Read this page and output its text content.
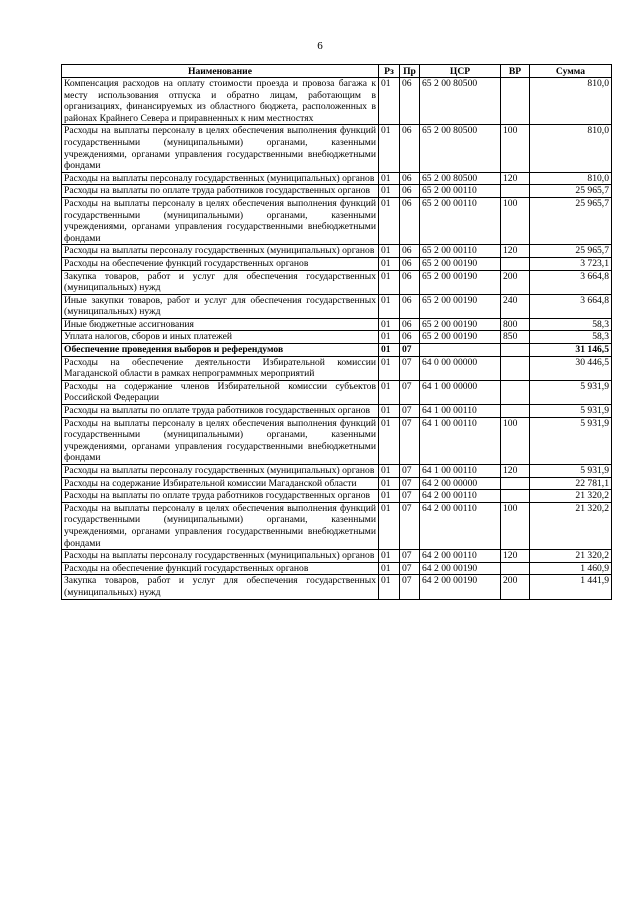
6
Наименование	Рз	Пр	ЦСР	ВР	Сумма
Компенсация расходов на оплату стоимости проезда и провоза багажа к месту использования отпуска и обратно лицам, работающим в организациях, финансируемых из областного бюджета, расположенных в районах Крайнего Севера и приравненных к ним местностях	01	06	65 2 00 80500		810,0
Расходы на выплаты персоналу в целях обеспечения выполнения функций государственными (муниципальными) органами, казенными учреждениями, органами управления государственными внебюджетными фондами	01	06	65 2 00 80500	100	810,0
Расходы на выплаты персоналу государственных (муниципальных) органов	01	06	65 2 00 80500	120	810,0
Расходы на выплаты по оплате труда работников государственных органов	01	06	65 2 00 00110		25 965,7
Расходы на выплаты персоналу в целях обеспечения выполнения функций государственными (муниципальными) органами, казенными учреждениями, органами управления государственными внебюджетными фондами	01	06	65 2 00 00110	100	25 965,7
Расходы на выплаты персоналу государственных (муниципальных) органов	01	06	65 2 00 00110	120	25 965,7
Расходы на обеспечение функций государственных органов	01	06	65 2 00 00190		3 723,1
Закупка товаров, работ и услуг для обеспечения государственных (муниципальных) нужд	01	06	65 2 00 00190	200	3 664,8
Иные закупки товаров, работ и услуг для обеспечения государственных (муниципальных) нужд	01	06	65 2 00 00190	240	3 664,8
Иные бюджетные ассигнования	01	06	65 2 00 00190	800	58,3
Уплата налогов, сборов и иных платежей	01	06	65 2 00 00190	850	58,3
Обеспечение проведения выборов и референдумов	01	07			31 146,5
Расходы на обеспечение деятельности Избирательной комиссии Магаданской области в рамках непрограммных мероприятий	01	07	64 0 00 00000		30 446,5
Расходы на содержание членов Избирательной комиссии субъектов Российской Федерации	01	07	64 1 00 00000		5 931,9
Расходы на выплаты по оплате труда работников государственных органов	01	07	64 1 00 00110		5 931,9
Расходы на выплаты персоналу в целях обеспечения выполнения функций государственными (муниципальными) органами, казенными учреждениями, органами управления государственными внебюджетными фондами	01	07	64 1 00 00110	100	5 931,9
Расходы на выплаты персоналу государственных (муниципальных) органов	01	07	64 1 00 00110	120	5 931,9
Расходы на содержание Избирательной комиссии Магаданской области	01	07	64 2 00 00000		22 781,1
Расходы на выплаты по оплате труда работников государственных органов	01	07	64 2 00 00110		21 320,2
Расходы на выплаты персоналу в целях обеспечения выполнения функций государственными (муниципальными) органами, казенными учреждениями, органами управления государственными внебюджетными фондами	01	07	64 2 00 00110	100	21 320,2
Расходы на выплаты персоналу государственных (муниципальных) органов	01	07	64 2 00 00110	120	21 320,2
Расходы на обеспечение функций государственных органов	01	07	64 2 00 00190		1 460,9
Закупка товаров, работ и услуг для обеспечения государственных (муниципальных) нужд	01	07	64 2 00 00190	200	1 441,9
